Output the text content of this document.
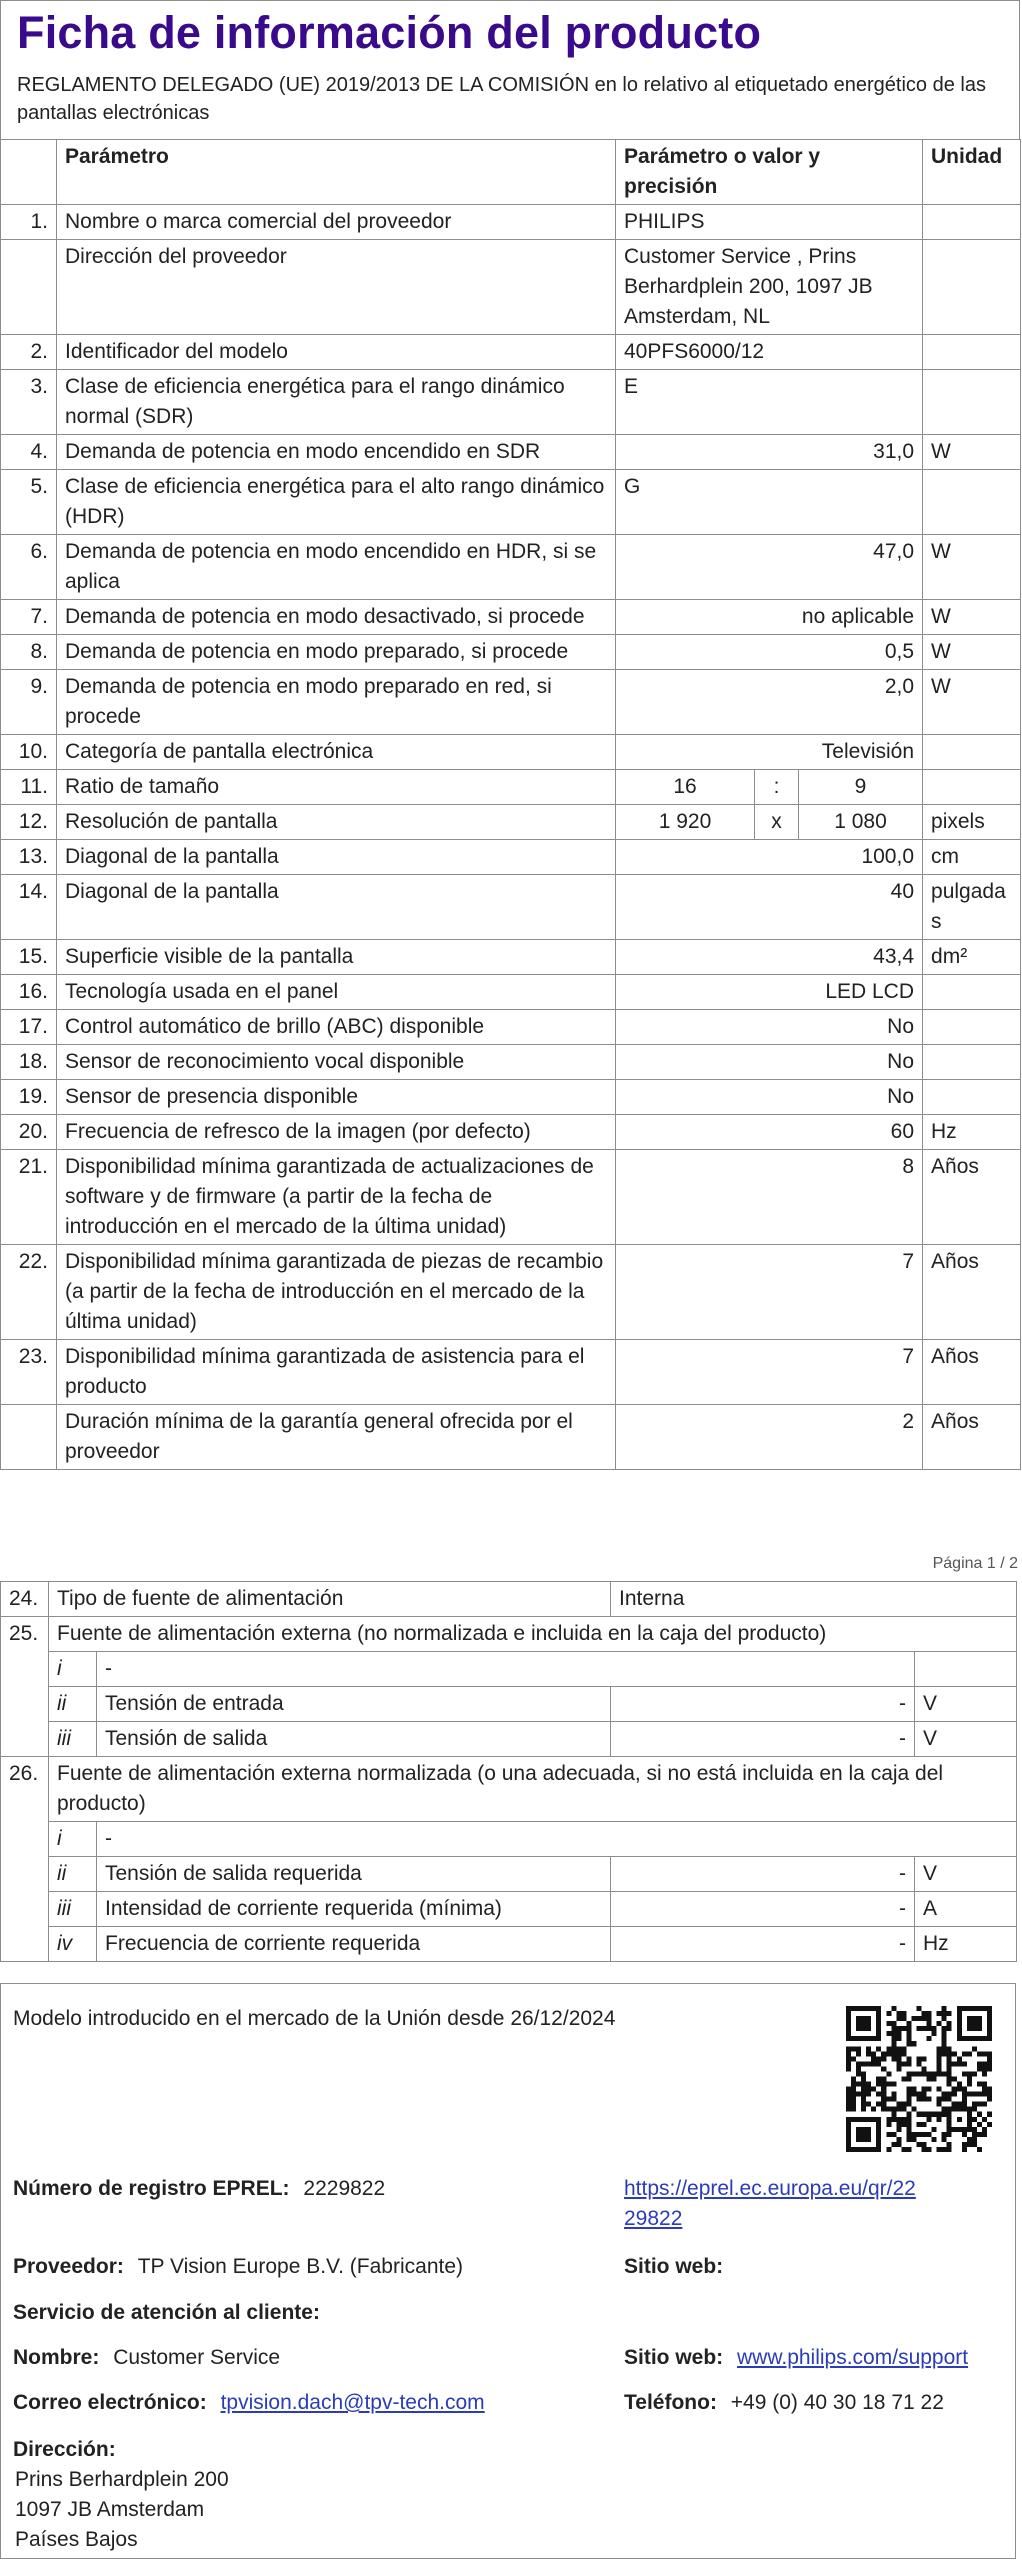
Ficha de información del producto
REGLAMENTO DELEGADO (UE) 2019/2013 DE LA COMISIÓN en lo relativo al etiquetado energético de las pantallas electrónicas
	Parámetro	Parámetro o valor y precisión			Unidad
1.	Nombre o marca comercial del proveedor	PHILIPS			
	Dirección del proveedor	Customer Service , Prins Berhardplein 200, 1097 JB Amsterdam, NL			
2.	Identificador del modelo	40PFS6000/12			
3.	Clase de eficiencia energética para el rango dinámico normal (SDR)	E			
4.	Demanda de potencia en modo encendido en SDR	31,0			W
5.	Clase de eficiencia energética para el alto rango dinámico (HDR)	G			
6.	Demanda de potencia en modo encendido en HDR, si se aplica	47,0			W
7.	Demanda de potencia en modo desactivado, si procede	no aplicable			W
8.	Demanda de potencia en modo preparado, si procede	0,5			W
9.	Demanda de potencia en modo preparado en red, si procede	2,0			W
10.	Categoría de pantalla electrónica	Televisión			
11.	Ratio de tamaño	16	:	9	
12.	Resolución de pantalla	1 920	x	1 080	pixels
13.	Diagonal de la pantalla	100,0			cm
14.	Diagonal de la pantalla	40			pulgadas
15.	Superficie visible de la pantalla	43,4			dm²
16.	Tecnología usada en el panel	LED LCD			
17.	Control automático de brillo (ABC) disponible	No			
18.	Sensor de reconocimiento vocal disponible	No			
19.	Sensor de presencia disponible	No			
20.	Frecuencia de refresco de la imagen (por defecto)	60			Hz
21.	Disponibilidad mínima garantizada de actualizaciones de software y de firmware (a partir de la fecha de introducción en el mercado de la última unidad)	8			Años
22.	Disponibilidad mínima garantizada de piezas de recambio (a partir de la fecha de introducción en el mercado de la última unidad)	7			Años
23.	Disponibilidad mínima garantizada de asistencia para el producto	7			Años
	Duración mínima de la garantía general ofrecida por el proveedor	2			Años
Página 1 / 2
24.	Tipo de fuente de alimentación		Interna	
25.	Fuente de alimentación externa (no normalizada e incluida en la caja del producto)			
	i	-		
	ii	Tensión de entrada	-	V
	iii	Tensión de salida	-	V
26.	Fuente de alimentación externa normalizada (o una adecuada, si no está incluida en la caja del producto)			
	i	-		
	ii	Tensión de salida requerida	-	V
	iii	Intensidad de corriente requerida (mínima)	-	A
	iv	Frecuencia de corriente requerida	-	Hz
Modelo introducido en el mercado de la Unión desde 26/12/2024
Número de registro EPREL: 2229822	https://eprel.ec.europa.eu/qr/22
29822
Proveedor: TP Vision Europe B.V. (Fabricante)	Sitio web:
Servicio de atención al cliente:
Nombre: Customer Service	Sitio web: www.philips.com/support
Correo electrónico: tpvision.dach@tpv-tech.com	Teléfono: +49 (0) 40 30 18 71 22
Dirección:
Prins Berhardplein 200
1097 JB Amsterdam
Países Bajos
